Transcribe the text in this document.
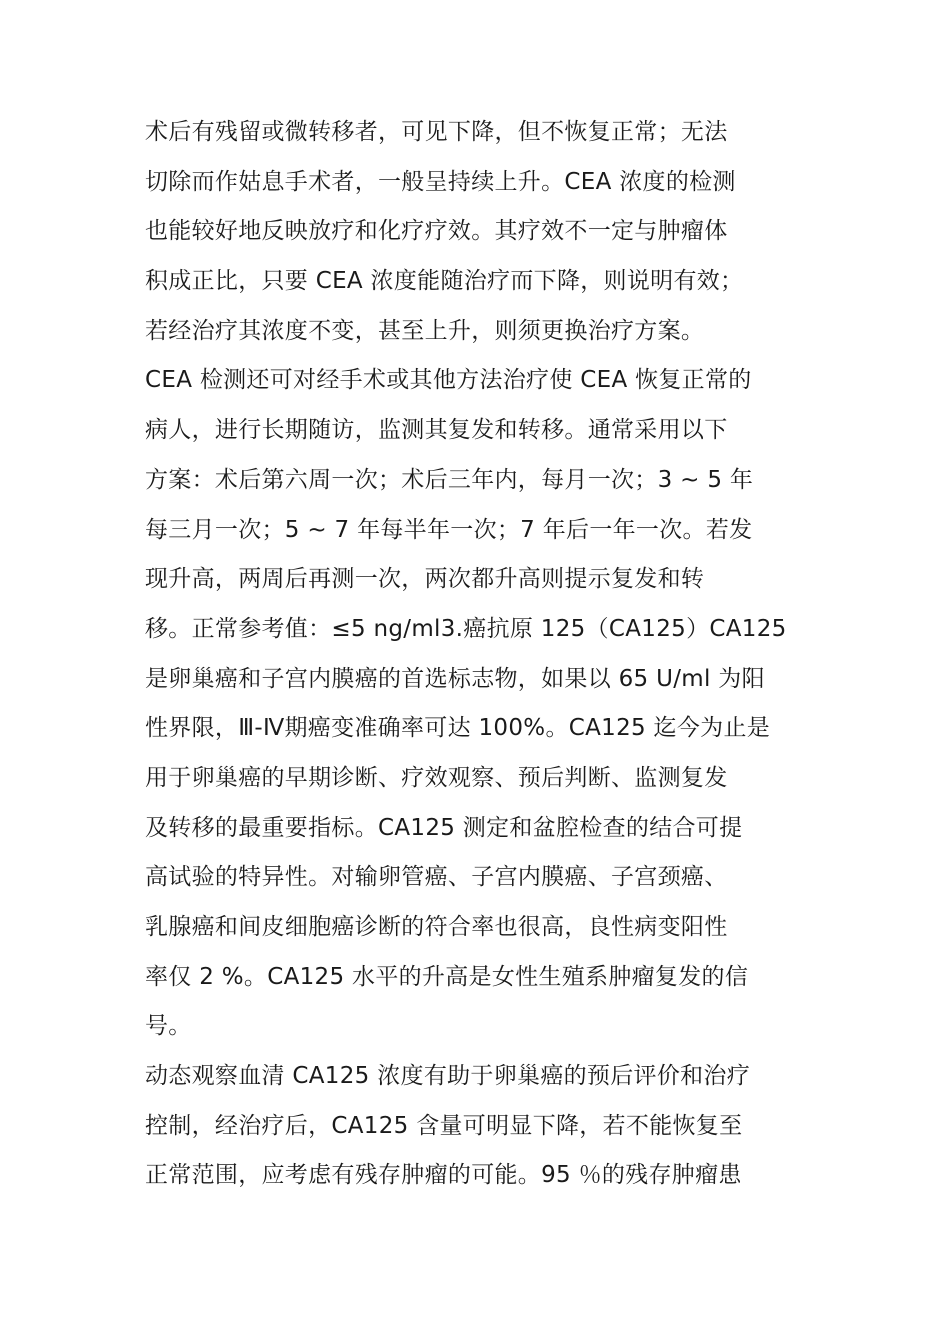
术后有残留或微转移者，可见下降，但不恢复正常；无法
切除而作姑息手术者，一般呈持续上升。CEA 浓度的检测
也能较好地反映放疗和化疗疗效。其疗效不一定与肿瘤体
积成正比，只要 CEA 浓度能随治疗而下降，则说明有效；
若经治疗其浓度不变，甚至上升，则须更换治疗方案。
CEA 检测还可对经手术或其他方法治疗使 CEA 恢复正常的
病人，进行长期随访，监测其复发和转移。通常采用以下
方案：术后第六周一次；术后三年内，每月一次；3 ~ 5 年
每三月一次；5 ~ 7 年每半年一次；7 年后一年一次。若发
现升高，两周后再测一次，两次都升高则提示复发和转
移。正常参考值：≤5 ng/ml3.癌抗原 125（CA125）CA125
是卵巢癌和子宫内膜癌的首选标志物，如果以 65 U/ml 为阳
性界限，Ⅲ-Ⅳ期癌变准确率可达 100%。CA125 迄今为止是
用于卵巢癌的早期诊断、疗效观察、预后判断、监测复发
及转移的最重要指标。CA125 测定和盆腔检查的结合可提
高试验的特异性。对输卵管癌、子宫内膜癌、子宫颈癌、
乳腺癌和间皮细胞癌诊断的符合率也很高，良性病变阳性
率仅 2 %。CA125 水平的升高是女性生殖系肿瘤复发的信
号。
动态观察血清 CA125 浓度有助于卵巢癌的预后评价和治疗
控制，经治疗后，CA125 含量可明显下降，若不能恢复至
正常范围，应考虑有残存肿瘤的可能。95 ％的残存肿瘤患
